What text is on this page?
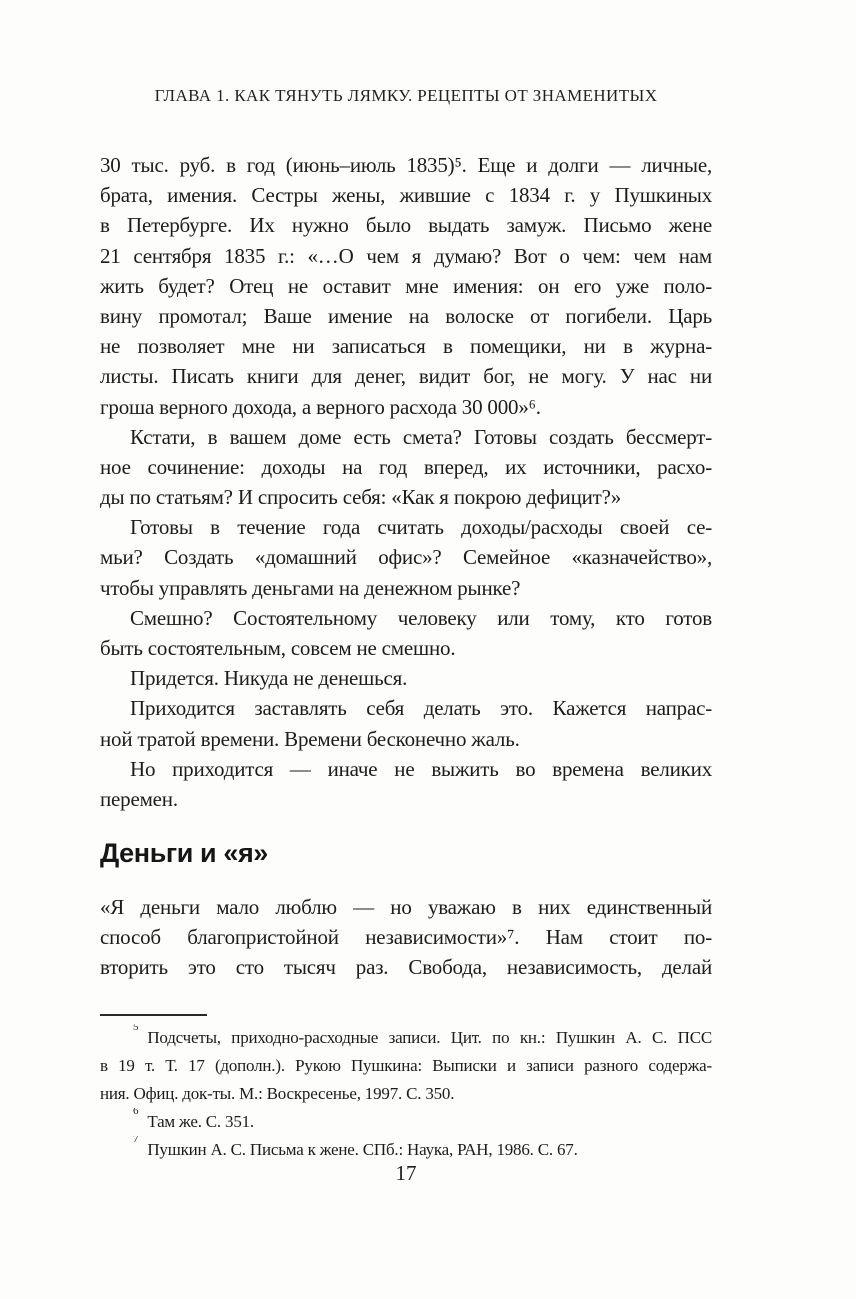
ГЛАВА 1. КАК ТЯНУТЬ ЛЯМКУ. РЕЦЕПТЫ ОТ ЗНАМЕНИТЫХ
30 тыс. руб. в год (июнь–июль 1835)⁵. Еще и долги — личные,
брата, имения. Сестры жены, жившие с 1834 г. у Пушкиных
в Петербурге. Их нужно было выдать замуж. Письмо жене
21 сентября 1835 г.: «…О чем я думаю? Вот о чем: чем нам
жить будет? Отец не оставит мне имения: он его уже поло-
вину промотал; Ваше имение на волоске от погибели. Царь
не позволяет мне ни записаться в помещики, ни в журна-
листы. Писать книги для денег, видит бог, не могу. У нас ни
гроша верного дохода, а верного расхода 30 000»⁶.
Кстати, в вашем доме есть смета? Готовы создать бессмерт-
ное сочинение: доходы на год вперед, их источники, расхо-
ды по статьям? И спросить себя: «Как я покрою дефицит?»
Готовы в течение года считать доходы/расходы своей се-
мьи? Создать «домашний офис»? Семейное «казначейство»,
чтобы управлять деньгами на денежном рынке?
Смешно? Состоятельному человеку или тому, кто готов
быть состоятельным, совсем не смешно.
Придется. Никуда не денешься.
Приходится заставлять себя делать это. Кажется напрас-
ной тратой времени. Времени бесконечно жаль.
Но приходится — иначе не выжить во времена великих
перемен.
Деньги и «я»
«Я деньги мало люблю — но уважаю в них единственный
способ благопристойной независимости»⁷. Нам стоит по-
вторить это сто тысяч раз. Свобода, независимость, делай
$^5$Подсчеты, приходно-расходные записи. Цит. по кн.: Пушкин А. С. ПСС
в 19 т. Т. 17 (дополн.). Рукою Пушкина: Выписки и записи разного содержа-
ния. Офиц. док-ты. М.: Воскресенье, 1997. С. 350.
$^6$Там же. С. 351.
$^7$Пушкин А. С. Письма к жене. СПб.: Наука, РАН, 1986. С. 67.
17
